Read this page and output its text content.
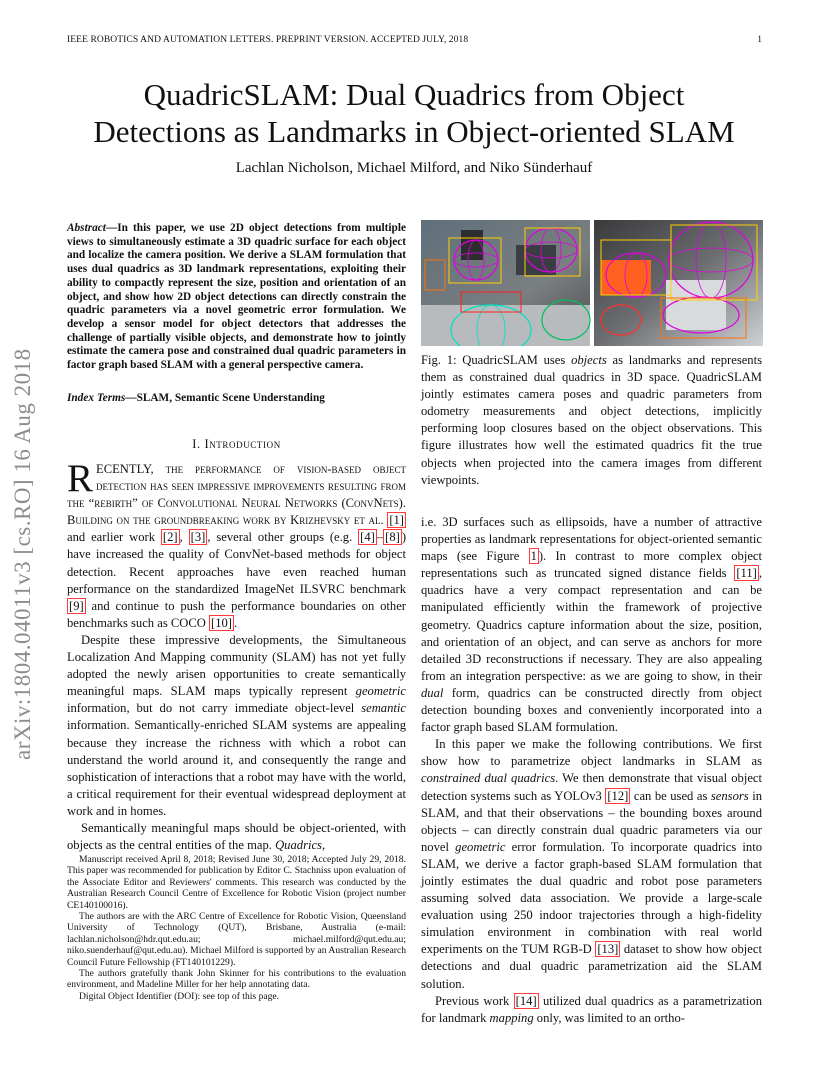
IEEE ROBOTICS AND AUTOMATION LETTERS. PREPRINT VERSION. ACCEPTED JULY, 2018	1
arXiv:1804.04011v3 [cs.RO] 16 Aug 2018
QuadricSLAM: Dual Quadrics from Object
Detections as Landmarks in Object-oriented SLAM
Lachlan Nicholson, Michael Milford, and Niko Sünderhauf
Abstract—In this paper, we use 2D object detections from multiple views to simultaneously estimate a 3D quadric surface for each object and localize the camera position. We derive a SLAM formulation that uses dual quadrics as 3D landmark representations, exploiting their ability to compactly represent the size, position and orientation of an object, and show how 2D object detections can directly constrain the quadric parameters via a novel geometric error formulation. We develop a sensor model for object detectors that addresses the challenge of partially visible objects, and demonstrate how to jointly estimate the camera pose and constrained dual quadric parameters in factor graph based SLAM with a general perspective camera.
Index Terms—SLAM, Semantic Scene Understanding
I. Introduction

RECENTLY, the performance of vision-based object detection has seen impressive improvements resulting from the “rebirth” of Convolutional Neural Networks (ConvNets). Building on the groundbreaking work by Krizhevsky et al. [1] and earlier work [2] , [3] , several other groups (e.g. [4] – [8] ) have increased the quality of ConvNet-based methods for object detection. Recent approaches have even reached human performance on the standardized ImageNet ILSVRC benchmark [9] and continue to push the performance boundaries on other benchmarks such as COCO [10] .

Despite these impressive developments, the Simultaneous Localization And Mapping community (SLAM) has not yet fully adopted the newly arisen opportunities to create semantically meaningful maps. SLAM maps typically represent geometric information, but do not carry immediate object-level semantic information. Semantically-enriched SLAM systems are appealing because they increase the richness with which a robot can understand the world around it, and consequently the range and sophistication of interactions that a robot may have with the world, a critical requirement for their eventual widespread deployment at work and in homes.

Semantically meaningful maps should be object-oriented, with objects as the central entities of the map. Quadrics,

Manuscript received April 8, 2018; Revised June 30, 2018; Accepted July 29, 2018. This paper was recommended for publication by Editor C. Stachniss upon evaluation of the Associate Editor and Reviewers' comments. This research was conducted by the Australian Research Council Centre of Excellence for Robotic Vision (project number CE140100016).

The authors are with the ARC Centre of Excellence for Robotic Vision, Queensland University of Technology (QUT), Brisbane, Australia (e-mail: lachlan.nicholson@hdr.qut.edu.au; michael.milford@qut.edu.au; niko.suenderhauf@qut.edu.au). Michael Milford is supported by an Australian Research Council Future Fellowship (FT140101229).

The authors gratefully thank John Skinner for his contributions to the evaluation environment, and Madeline Miller for her help annotating data.

Digital Object Identifier (DOI): see top of this page.

Fig. 1: QuadricSLAM uses objects as landmarks and represents them as constrained dual quadrics in 3D space. QuadricSLAM jointly estimates camera poses and quadric parameters from odometry measurements and object detections, implicitly performing loop closures based on the object observations. This figure illustrates how well the estimated quadrics fit the true objects when projected into the camera images from different viewpoints.

i.e. 3D surfaces such as ellipsoids, have a number of attractive properties as landmark representations for object-oriented semantic maps (see Figure 1 ). In contrast to more complex object representations such as truncated signed distance fields [11] , quadrics have a very compact representation and can be manipulated efficiently within the framework of projective geometry. Quadrics capture information about the size, position, and orientation of an object, and can serve as anchors for more detailed 3D reconstructions if necessary. They are also appealing from an integration perspective: as we are going to show, in their dual form, quadrics can be constructed directly from object detection bounding boxes and conveniently incorporated into a factor graph based SLAM formulation.

In this paper we make the following contributions. We first show how to parametrize object landmarks in SLAM as constrained dual quadrics. We then demonstrate that visual object detection systems such as YOLOv3 [12] can be used as sensors in SLAM, and that their observations – the bounding boxes around objects – can directly constrain dual quadric parameters via our novel geometric error formulation. To incorporate quadrics into SLAM, we derive a factor graph-based SLAM formulation that jointly estimates the dual quadric and robot pose parameters assuming solved data association. We provide a large-scale evaluation using 250 indoor trajectories through a high-fidelity simulation environment in combination with real world experiments on the TUM RGB-D [13] dataset to show how object detections and dual quadric parametrization aid the SLAM solution.

Previous work [14] utilized dual quadrics as a parametrization for landmark mapping only, was limited to an ortho-
